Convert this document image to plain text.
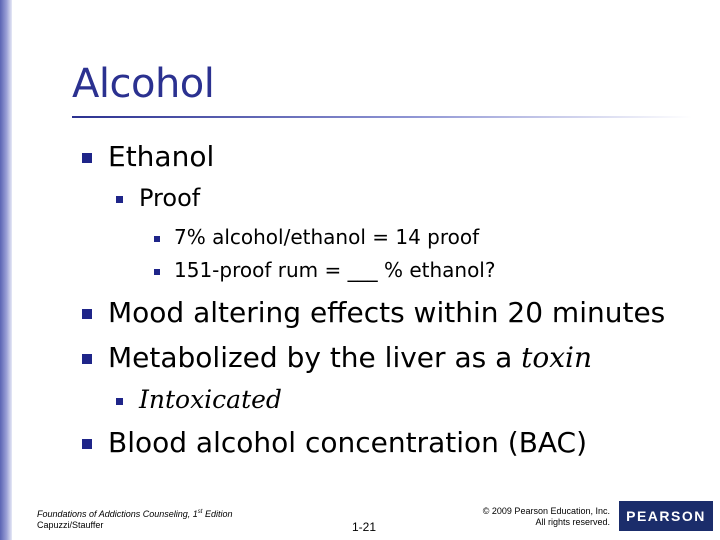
Alcohol
Ethanol
Proof
7% alcohol/ethanol = 14 proof
151-proof rum = ___ % ethanol?
Mood altering effects within 20 minutes
Metabolized by the liver as a toxin
Intoxicated
Blood alcohol concentration (BAC)
Foundations of Addictions Counseling, 1st Edition
Capuzzi/Stauffer	1-21
© 2009 Pearson Education, Inc.
All rights reserved. PEARSON
